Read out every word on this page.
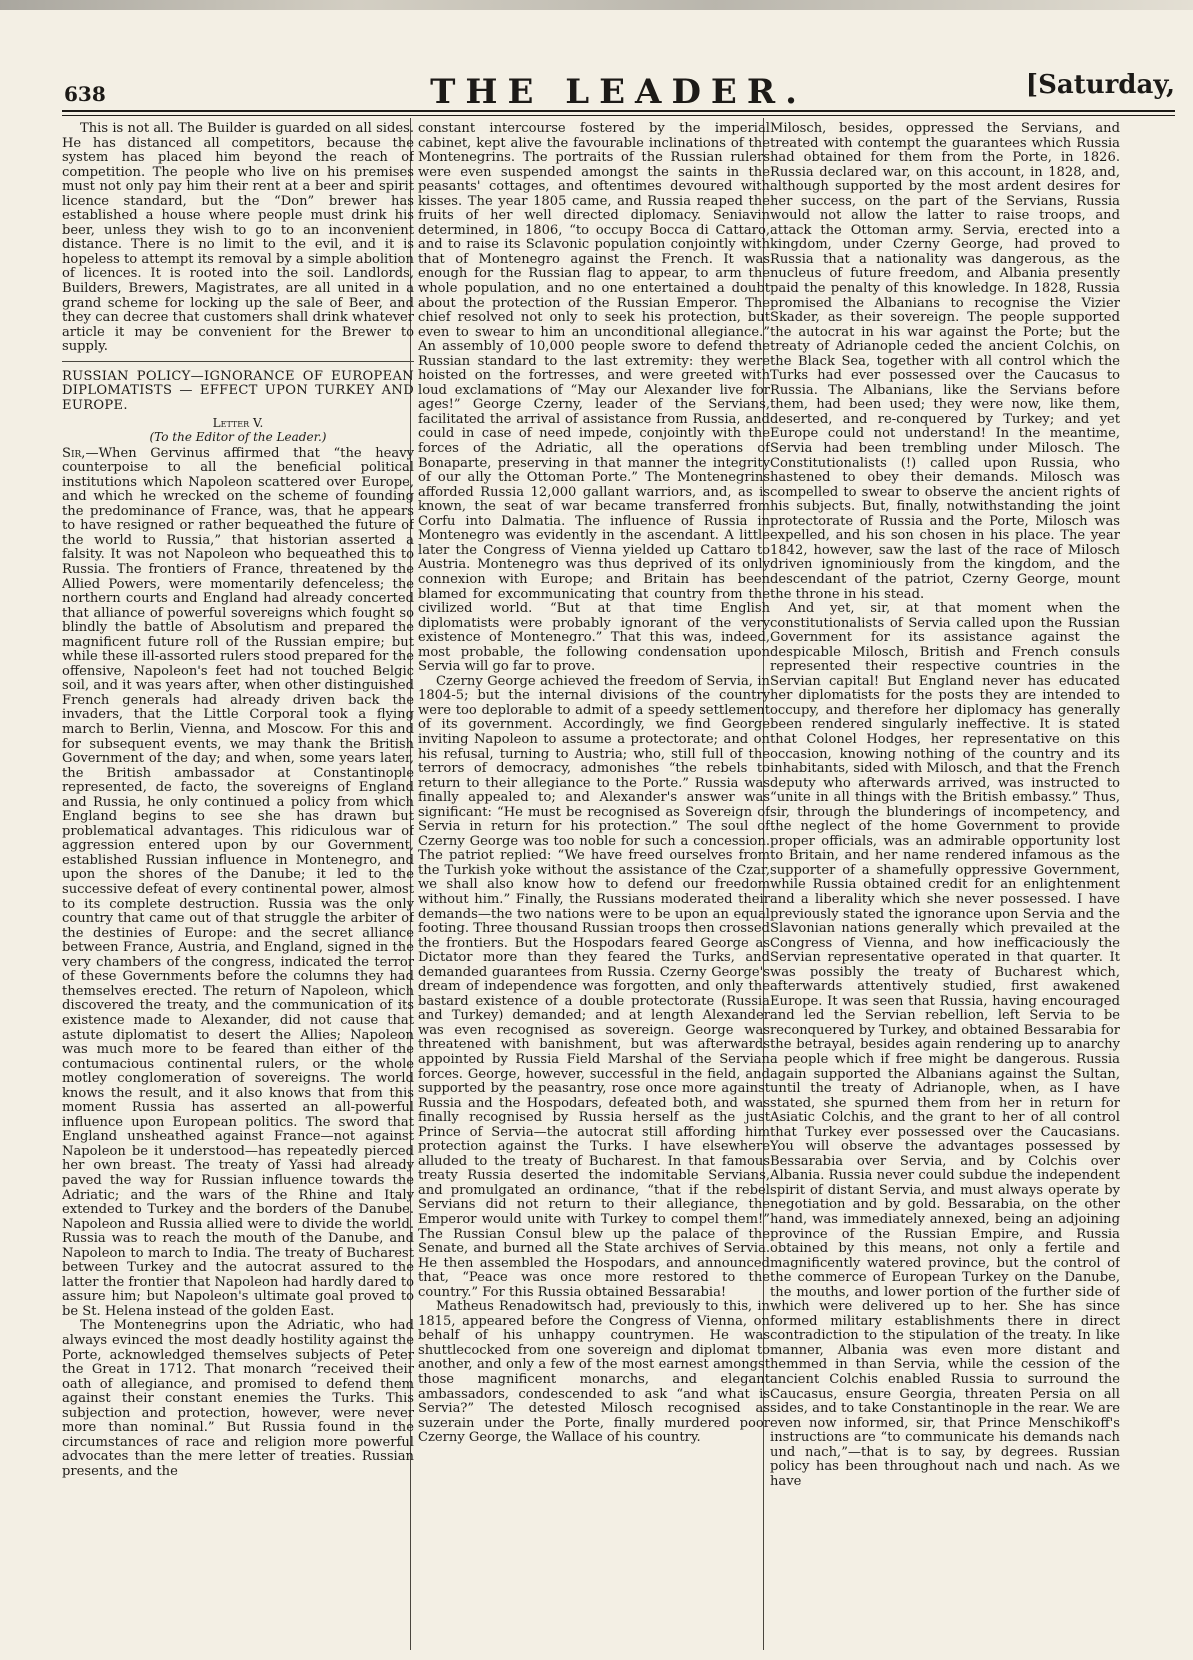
638	THE LEADER.	[Saturday,

This is not all. The Builder is guarded on all sides. He has distanced all competitors, because the system has placed him beyond the reach of competition. The people who live on his premises must not only pay him their rent at a beer and spirit licence standard, but the “Don” brewer has established a house where people must drink his beer, unless they wish to go to an inconvenient distance. There is no limit to the evil, and it is hopeless to attempt its removal by a simple abolition of licences. It is rooted into the soil. Landlords, Builders, Brewers, Magistrates, are all united in a grand scheme for locking up the sale of Beer, and they can decree that customers shall drink whatever article it may be convenient for the Brewer to supply.

RUSSIAN POLICY—IGNORANCE OF EUROPEAN DIPLOMATISTS — EFFECT UPON TURKEY AND EUROPE.
Letter V.
(To the Editor of the Leader.)

Sir,—When Gervinus affirmed that “the heavy counterpoise to all the beneficial political institutions which Napoleon scattered over Europe, and which he wrecked on the scheme of founding the predominance of France, was, that he appears to have resigned or rather bequeathed the future of the world to Russia,” that historian asserted a falsity. It was not Napoleon who bequeathed this to Russia. The frontiers of France, threatened by the Allied Powers, were momentarily defenceless; the northern courts and England had already concerted that alliance of powerful sovereigns which fought so blindly the battle of Absolutism and prepared the magnificent future roll of the Russian empire; but while these ill-assorted rulers stood prepared for the offensive, Napoleon's feet had not touched Belgic soil, and it was years after, when other distinguished French generals had already driven back the invaders, that the Little Corporal took a flying march to Berlin, Vienna, and Moscow. For this and for subsequent events, we may thank the British Government of the day; and when, some years later, the British ambassador at Constantinople represented, de facto, the sovereigns of England and Russia, he only continued a policy from which England begins to see she has drawn but problematical advantages. This ridiculous war of aggression entered upon by our Government, established Russian influence in Montenegro, and upon the shores of the Danube; it led to the successive defeat of every continental power, almost to its complete destruction. Russia was the only country that came out of that struggle the arbiter of the destinies of Europe: and the secret alliance between France, Austria, and England, signed in the very chambers of the congress, indicated the terror of these Governments before the columns they had themselves erected. The return of Napoleon, which discovered the treaty, and the communication of its existence made to Alexander, did not cause that astute diplomatist to desert the Allies; Napoleon was much more to be feared than either of the contumacious continental rulers, or the whole motley conglomeration of sovereigns. The world knows the result, and it also knows that from this moment Russia has asserted an all-powerful influence upon European politics. The sword that England unsheathed against France—not against Napoleon be it understood—has repeatedly pierced her own breast. The treaty of Yassi had already paved the way for Russian influence towards the Adriatic; and the wars of the Rhine and Italy extended to Turkey and the borders of the Danube. Napoleon and Russia allied were to divide the world. Russia was to reach the mouth of the Danube, and Napoleon to march to India. The treaty of Bucharest between Turkey and the autocrat assured to the latter the frontier that Napoleon had hardly dared to assure him; but Napoleon's ultimate goal proved to be St. Helena instead of the golden East.

The Montenegrins upon the Adriatic, who had always evinced the most deadly hostility against the Porte, acknowledged themselves subjects of Peter the Great in 1712. That monarch “received their oath of allegiance, and promised to defend them against their constant enemies the Turks. This subjection and protection, however, were never more than nominal.” But Russia found in the circumstances of race and religion more powerful advocates than the mere letter of treaties. Russian presents, and the

constant intercourse fostered by the imperial cabinet, kept alive the favourable inclinations of the Montenegrins. The portraits of the Russian rulers were even suspended amongst the saints in the peasants' cottages, and oftentimes devoured with kisses. The year 1805 came, and Russia reaped the fruits of her well directed diplomacy. Seniavin determined, in 1806, “to occupy Bocca di Cattaro, and to raise its Sclavonic population conjointly with that of Montenegro against the French. It was enough for the Russian flag to appear, to arm the whole population, and no one entertained a doubt about the protection of the Russian Emperor. The chief resolved not only to seek his protection, but even to swear to him an unconditional allegiance.” An assembly of 10,000 people swore to defend the Russian standard to the last extremity: they were hoisted on the fortresses, and were greeted with loud exclamations of “May our Alexander live for ages!” George Czerny, leader of the Servians, facilitated the arrival of assistance from Russia, and could in case of need impede, conjointly with the forces of the Adriatic, all the operations of Bonaparte, preserving in that manner the integrity of our ally the Ottoman Porte.” The Montenegrins afforded Russia 12,000 gallant warriors, and, as is known, the seat of war became transferred from Corfu into Dalmatia. The influence of Russia in Montenegro was evidently in the ascendant. A little later the Congress of Vienna yielded up Cattaro to Austria. Montenegro was thus deprived of its only connexion with Europe; and Britain has been blamed for excommunicating that country from the civilized world. “But at that time English diplomatists were probably ignorant of the very existence of Montenegro.” That this was, indeed, most probable, the following condensation upon Servia will go far to prove.

Czerny George achieved the freedom of Servia, in 1804-5; but the internal divisions of the country were too deplorable to admit of a speedy settlement of its government. Accordingly, we find George inviting Napoleon to assume a protectorate; and on his refusal, turning to Austria; who, still full of the terrors of democracy, admonishes “the rebels to return to their allegiance to the Porte.” Russia was finally appealed to; and Alexander's answer was significant: “He must be recognised as Sovereign of Servia in return for his protection.” The soul of Czerny George was too noble for such a concession. The patriot replied: “We have freed ourselves from the Turkish yoke without the assistance of the Czar, we shall also know how to defend our freedom without him.” Finally, the Russians moderated their demands—the two nations were to be upon an equal footing. Three thousand Russian troops then crossed the frontiers. But the Hospodars feared George as Dictator more than they feared the Turks, and demanded guarantees from Russia. Czerny George's dream of independence was forgotten, and only the bastard existence of a double protectorate (Russia and Turkey) demanded; and at length Alexander was even recognised as sovereign. George was threatened with banishment, but was afterwards appointed by Russia Field Marshal of the Servian forces. George, however, successful in the field, and supported by the peasantry, rose once more against Russia and the Hospodars, defeated both, and was finally recognised by Russia herself as the just Prince of Servia—the autocrat still affording him protection against the Turks. I have elsewhere alluded to the treaty of Bucharest. In that famous treaty Russia deserted the indomitable Servians, and promulgated an ordinance, “that if the rebel Servians did not return to their allegiance, the Emperor would unite with Turkey to compel them!” The Russian Consul blew up the palace of the Senate, and burned all the State archives of Servia. He then assembled the Hospodars, and announced that, “Peace was once more restored to the country.” For this Russia obtained Bessarabia!

Matheus Renadowitsch had, previously to this, in 1815, appeared before the Congress of Vienna, on behalf of his unhappy countrymen. He was shuttlecocked from one sovereign and diplomat to another, and only a few of the most earnest amongst those magnificent monarchs, and elegant ambassadors, condescended to ask “and what is Servia?” The detested Milosch recognised as suzerain under the Porte, finally murdered poor Czerny George, the Wallace of his country.

Milosch, besides, oppressed the Servians, and treated with contempt the guarantees which Russia had obtained for them from the Porte, in 1826. Russia declared war, on this account, in 1828, and, although supported by the most ardent desires for her success, on the part of the Servians, Russia would not allow the latter to raise troops, and attack the Ottoman army. Servia, erected into a kingdom, under Czerny George, had proved to Russia that a nationality was dangerous, as the nucleus of future freedom, and Albania presently paid the penalty of this knowledge. In 1828, Russia promised the Albanians to recognise the Vizier Skader, as their sovereign. The people supported the autocrat in his war against the Porte; but the treaty of Adrianople ceded the ancient Colchis, on the Black Sea, together with all control which the Turks had ever possessed over the Caucasus to Russia. The Albanians, like the Servians before them, had been used; they were now, like them, deserted, and re-conquered by Turkey; and yet Europe could not understand! In the meantime, Servia had been trembling under Milosch. The Constitutionalists (!) called upon Russia, who hastened to obey their demands. Milosch was compelled to swear to observe the ancient rights of his subjects. But, finally, notwithstanding the joint protectorate of Russia and the Porte, Milosch was expelled, and his son chosen in his place. The year 1842, however, saw the last of the race of Milosch driven ignominiously from the kingdom, and the descendant of the patriot, Czerny George, mount the throne in his stead.

And yet, sir, at that moment when the constitutionalists of Servia called upon the Russian Government for its assistance against the despicable Milosch, British and French consuls represented their respective countries in the Servian capital! But England never has educated her diplomatists for the posts they are intended to occupy, and therefore her diplomacy has generally been rendered singularly ineffective. It is stated that Colonel Hodges, her representative on this occasion, knowing nothing of the country and its inhabitants, sided with Milosch, and that the French deputy who afterwards arrived, was instructed to “unite in all things with the British embassy.” Thus, sir, through the blunderings of incompetency, and the neglect of the home Government to provide proper officials, was an admirable opportunity lost to Britain, and her name rendered infamous as the supporter of a shamefully oppressive Government, while Russia obtained credit for an enlightenment and a liberality which she never possessed. I have previously stated the ignorance upon Servia and the Slavonian nations generally which prevailed at the Congress of Vienna, and how inefficaciously the Servian representative operated in that quarter. It was possibly the treaty of Bucharest which, afterwards attentively studied, first awakened Europe. It was seen that Russia, having encouraged and led the Servian rebellion, left Servia to be reconquered by Turkey, and obtained Bessarabia for the betrayal, besides again rendering up to anarchy a people which if free might be dangerous. Russia again supported the Albanians against the Sultan, until the treaty of Adrianople, when, as I have stated, she spurned them from her in return for Asiatic Colchis, and the grant to her of all control that Turkey ever possessed over the Caucasians. You will observe the advantages possessed by Bessarabia over Servia, and by Colchis over Albania. Russia never could subdue the independent spirit of distant Servia, and must always operate by negotiation and by gold. Bessarabia, on the other hand, was immediately annexed, being an adjoining province of the Russian Empire, and Russia obtained by this means, not only a fertile and magnificently watered province, but the control of the commerce of European Turkey on the Danube, the mouths, and lower portion of the further side of which were delivered up to her. She has since formed military establishments there in direct contradiction to the stipulation of the treaty. In like manner, Albania was even more distant and hemmed in than Servia, while the cession of the ancient Colchis enabled Russia to surround the Caucasus, ensure Georgia, threaten Persia on all sides, and to take Constantinople in the rear. We are even now informed, sir, that Prince Menschikoff's instructions are “to communicate his demands nach und nach,”—that is to say, by degrees. Russian policy has been throughout nach und nach. As we have
